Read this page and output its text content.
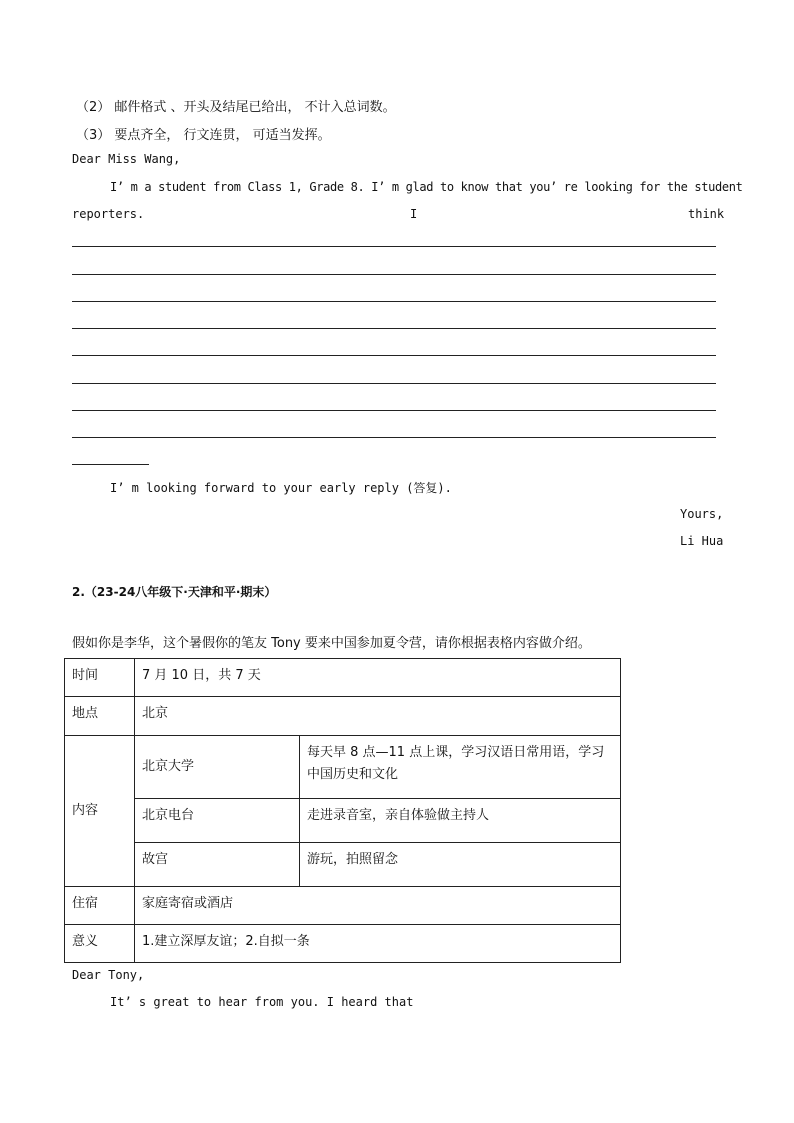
（2） 邮件格式 、开头及结尾已给出， 不计入总词数。
（3） 要点齐全， 行文连贯， 可适当发挥。
Dear Miss Wang,
I’ m a student from Class 1, Grade 8. I’ m glad to know that you’ re looking for the student
reporters.	I	think
I’ m looking forward to your early reply (答复).
Yours,
Li Hua
2.（23-24八年级下·天津和平·期末）
假如你是李华，这个暑假你的笔友 Tony 要来中国参加夏令营，请你根据表格内容做介绍。
时间	7 月 10 日，共 7 天	
地点	北京	
内容	北京大学	每天早 8 点—11 点上课，学习汉语日常用语，学习中国历史和文化
	北京电台	走进录音室，亲自体验做主持人
	故宫	游玩，拍照留念
住宿	家庭寄宿或酒店	
意义	1.建立深厚友谊；2.自拟一条	
Dear Tony,
It’ s great to hear from you. I heard that
